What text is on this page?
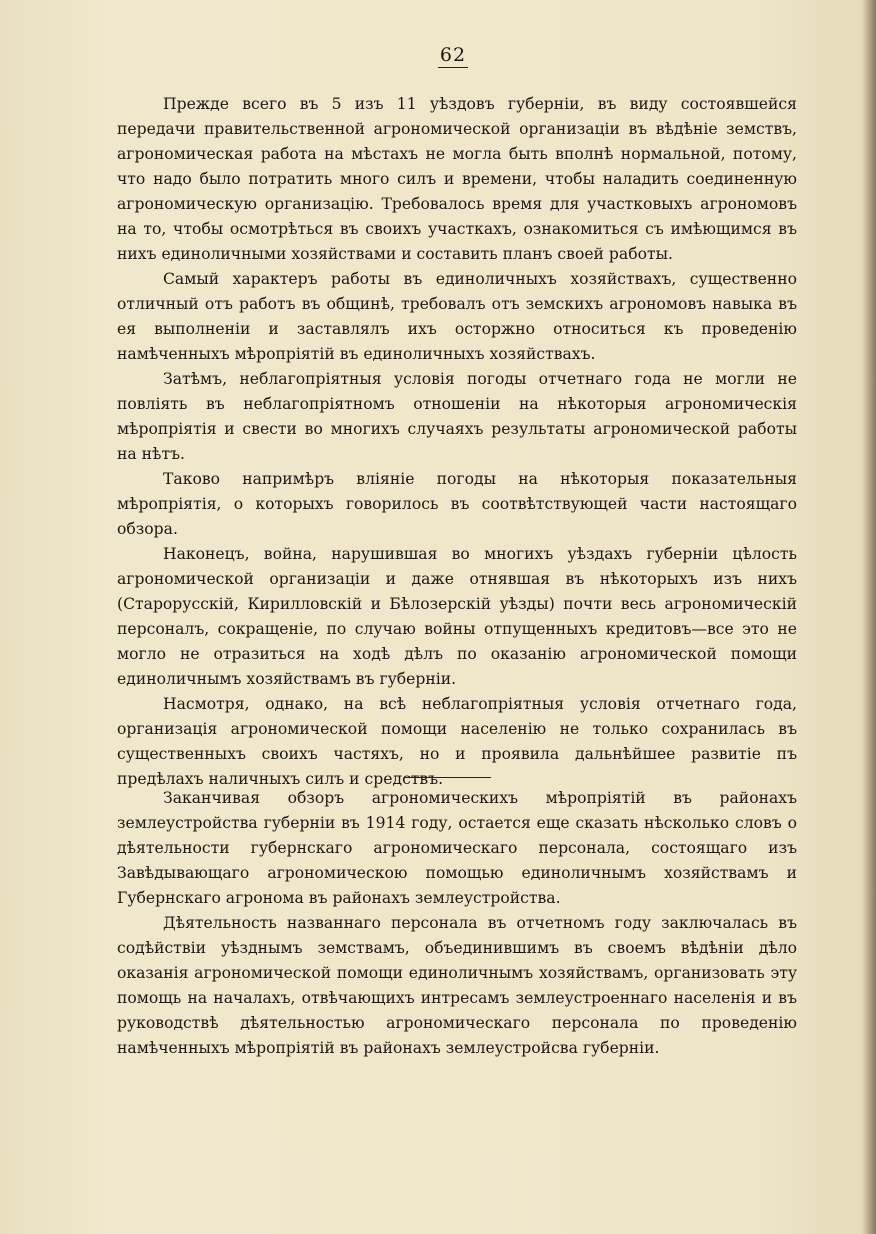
62

Прежде всего въ 5 изъ 11 уѣздовъ губерніи, въ виду состоявшейся передачи правительственной агрономической организаціи въ вѣдѣніе земствъ, агрономическая работа на мѣстахъ не могла быть вполнѣ нормальной, потому, что надо было потратить много силъ и времени, чтобы наладить соединенную агрономическую организацію. Требовалось время для участковыхъ агрономовъ на то, чтобы осмотрѣться въ своихъ участкахъ, ознакомиться съ имѣющимся въ нихъ единоличными хозяйствами и составить планъ своей работы.

Самый характеръ работы въ единоличныхъ хозяйствахъ, существенно отличный отъ работъ въ общинѣ, требовалъ отъ земскихъ агрономовъ навыка въ ея выполненіи и заставлялъ ихъ осторжно относиться къ проведенію намѣченныхъ мѣропріятій въ единоличныхъ хозяйствахъ.

Затѣмъ, неблагопріятныя условія погоды отчетнаго года не могли не повліять въ неблагопріятномъ отношеніи на нѣкоторыя агрономическія мѣропріятія и свести во многихъ случаяхъ результаты агрономической работы на нѣтъ.

Таково напримѣръ вліяніе погоды на нѣкоторыя показательныя мѣропріятія, о которыхъ говорилось въ соотвѣтствующей части настоящаго обзора.

Наконецъ, война, нарушившая во многихъ уѣздахъ губерніи цѣлость агрономической организаціи и даже отнявшая въ нѣкоторыхъ изъ нихъ (Старорусскій, Кирилловскій и Бѣлозерскій уѣзды) почти весь агрономическій персоналъ, сокращеніе, по случаю войны отпущенныхъ кредитовъ—все это не могло не отразиться на ходѣ дѣлъ по оказанію агрономической помощи единоличнымъ хозяйствамъ въ губерніи.

Насмотря, однако, на всѣ неблагопріятныя условія отчетнаго года, организація агрономической помощи населенію не только сохранилась въ существенныхъ своихъ частяхъ, но и проявила дальнѣйшее развитіе пъ предѣлахъ наличныхъ силъ и средствъ.

Заканчивая обзоръ агрономическихъ мѣропріятій въ районахъ землеустройства губерніи въ 1914 году, остается еще сказать нѣсколько словъ о дѣятельности губернскаго агрономическаго персонала, состоящаго изъ Завѣдывающаго агрономическою помощью единоличнымъ хозяйствамъ и Губернскаго агронома въ районахъ землеустройства.

Дѣятельность названнаго персонала въ отчетномъ году заключалась въ содѣйствіи уѣзднымъ земствамъ, объединившимъ въ своемъ вѣдѣніи дѣло оказанія агрономической помощи единоличнымъ хозяйствамъ, организовать эту помощь на началахъ, отвѣчающихъ интресамъ землеустроеннаго населенія и въ руководствѣ дѣятельностью агрономическаго персонала по проведенію намѣченныхъ мѣропріятій въ районахъ землеустройсва губерніи.
